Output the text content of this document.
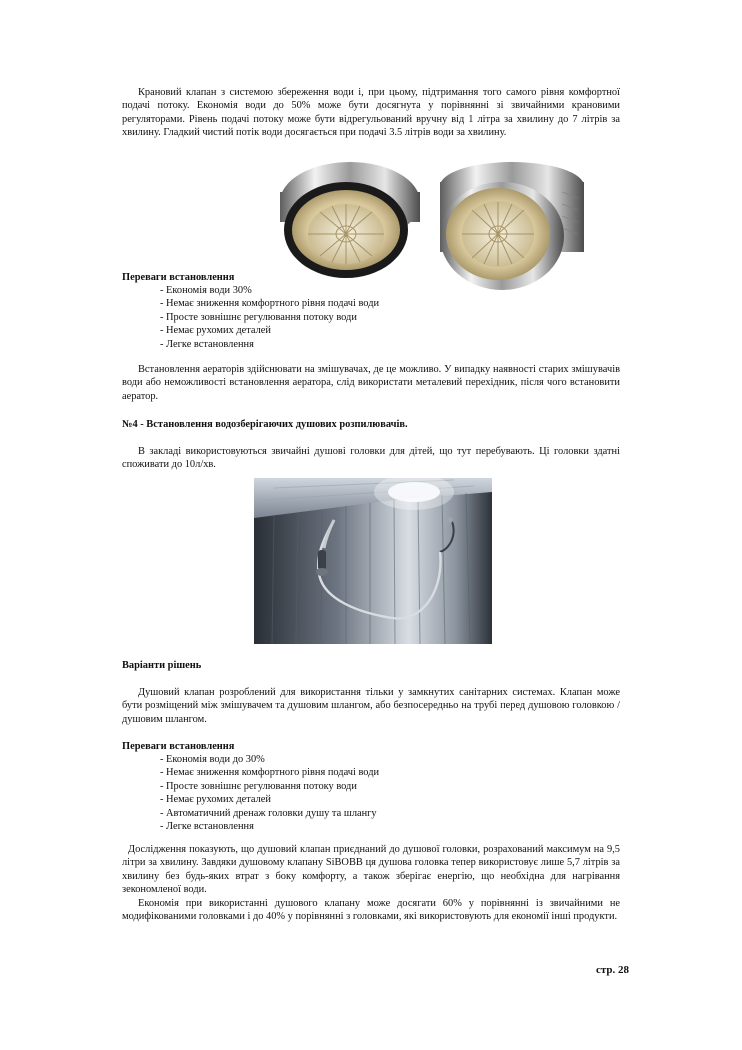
Крановий клапан з системою збереження води і, при цьому, підтримання того самого рівня комфортної подачі потоку. Економія води до 50% може бути досягнута у порівнянні зі звичайними крановими регуляторами. Рівень подачі потоку може бути відрегульований вручну від 1 літра за хвилину до 7 літрів за хвилину. Гладкий чистий потік води досягається при подачі 3.5 літрів води за хвилину.

Переваги встановлення
- Економія води 30%
- Немає зниження комфортного рівня подачі води
- Просте зовнішнє регулювання потоку води
- Немає рухомих деталей
- Легке встановлення

Встановлення аераторів здійснювати на змішувачах, де це можливо. У випадку наявності старих змішувачів води або неможливості встановлення аератора, слід використати металевий перехідник, після чого встановити аератор.

№4 - Встановлення водозберігаючих душових розпилювачів.

В закладі використовуються звичайні душові головки для дітей, що тут перебувають. Ці головки здатні споживати до 10л/хв.

Варіанти рішень

Душовий клапан розроблений для використання тільки у замкнутих санітарних системах. Клапан може бути розміщений між змішувачем та душовим шлангом, або безпосередньо на трубі перед душовою головкою / душовим шлангом.

Переваги встановлення
- Економія води до 30%
- Немає зниження комфортного рівня подачі води
- Просте зовнішнє регулювання потоку води
- Немає рухомих деталей
- Автоматичний дренаж головки душу та шлангу
- Легке встановлення

Дослідження показують, що душовий клапан приєднаний до душової головки, розрахований максимум на 9,5 літри за хвилину. Завдяки душовому клапану SiBOBB ця душова головка тепер використовує лише 5,7 літрів за хвилину без будь-яких втрат з боку комфорту, а також зберігає енергію, що необхідна для нагрівання зекономленої води.

Економія при використанні душового клапану може досягати 60% у порівнянні із звичайними не модифікованими головками і до 40% у порівнянні з головками, які використовують для економії інші продукти.

стр. 28
